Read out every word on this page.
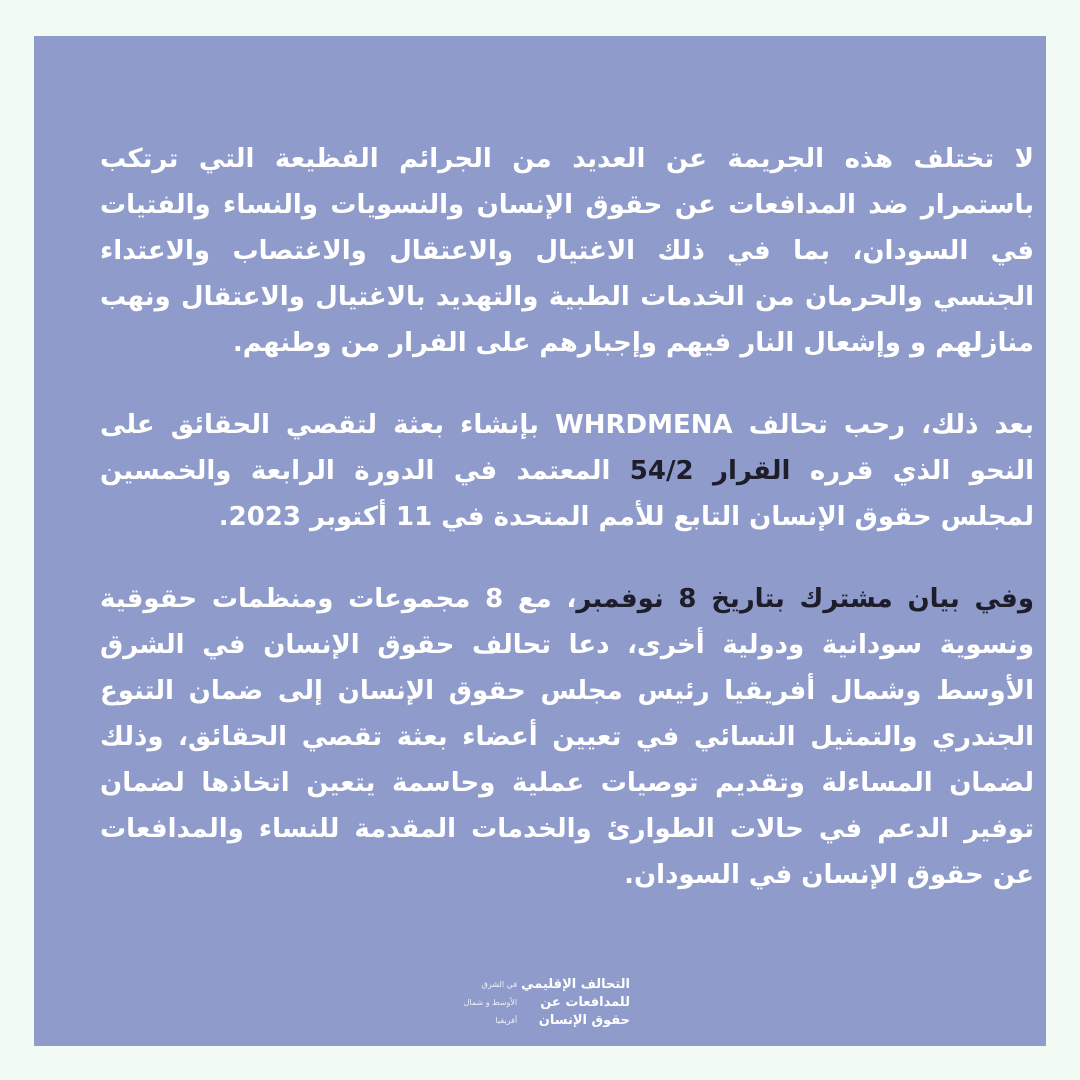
لا تختلف هذه الجريمة عن العديد من الجرائم الفظيعة التي ترتكب باستمرار ضد المدافعات عن حقوق الإنسان والنسويات والنساء والفتيات في السودان، بما في ذلك الاغتيال والاعتقال والاغتصاب والاعتداء الجنسي والحرمان من الخدمات الطبية والتهديد بالاغتيال والاعتقال ونهب منازلهم و وإشعال النار فيهم وإجبارهم على الفرار من وطنهم.

بعد ذلك، رحب تحالف WHRDMENA بإنشاء بعثة لتقصي الحقائق على النحو الذي قرره القرار 54/2 المعتمد في الدورة الرابعة والخمسين لمجلس حقوق الإنسان التابع للأمم المتحدة في 11 أكتوبر 2023.

وفي بيان مشترك بتاريخ 8 نوفمبر، مع 8 مجموعات ومنظمات حقوقية ونسوية سودانية ودولية أخرى، دعا تحالف حقوق الإنسان في الشرق الأوسط وشمال أفريقيا رئيس مجلس حقوق الإنسان إلى ضمان التنوع الجندري والتمثيل النسائي في تعيين أعضاء بعثة تقصي الحقائق، وذلك لضمان المساءلة وتقديم توصيات عملية وحاسمة يتعين اتخاذها لضمان توفير الدعم في حالات الطوارئ والخدمات المقدمة للنساء والمدافعات عن حقوق الإنسان في السودان.

التحالف الإقليمي
للمدافعات عن
حقوق الإنسان
في الشرق
الأوسط و شمال
أفريقيا
